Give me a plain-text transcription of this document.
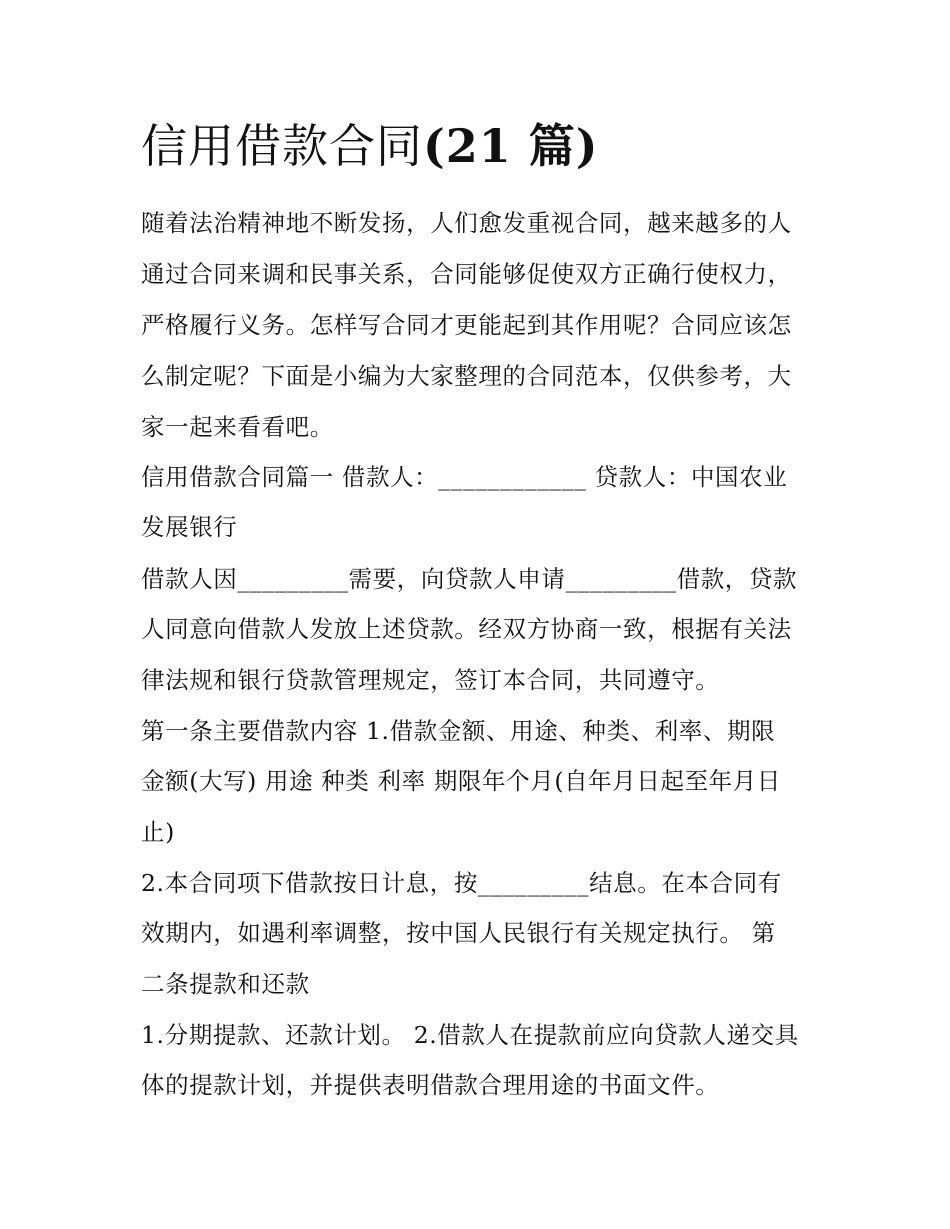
信用借款合同(21 篇)

随着法治精神地不断发扬，人们愈发重视合同，越来越多的人

通过合同来调和民事关系，合同能够促使双方正确行使权力，

严格履行义务。怎样写合同才更能起到其作用呢？合同应该怎

么制定呢？下面是小编为大家整理的合同范本，仅供参考，大

家一起来看看吧。

信用借款合同篇一 借款人：____________ 贷款人：中国农业

发展银行

借款人因_________需要，向贷款人申请_________借款，贷款

人同意向借款人发放上述贷款。经双方协商一致，根据有关法

律法规和银行贷款管理规定，签订本合同，共同遵守。

第一条主要借款内容 1.借款金额、用途、种类、利率、期限

金额(大写) 用途 种类 利率 期限年个月(自年月日起至年月日

止)

2.本合同项下借款按日计息，按_________结息。在本合同有

效期内，如遇利率调整，按中国人民银行有关规定执行。 第

二条提款和还款

1.分期提款、还款计划。 2.借款人在提款前应向贷款人递交具

体的提款计划，并提供表明借款合理用途的书面文件。
